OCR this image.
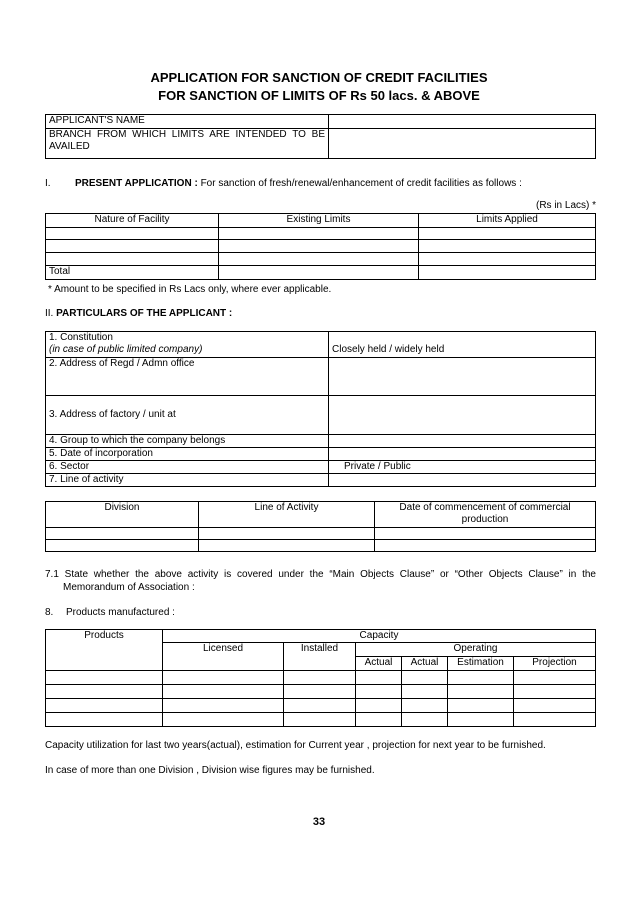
APPLICATION FOR SANCTION OF CREDIT FACILITIES
FOR SANCTION OF LIMITS OF Rs 50 lacs. & ABOVE
APPLICANT'S NAME	
BRANCH FROM WHICH LIMITS ARE INTENDED TO BE AVAILED	
I. PRESENT APPLICATION : For sanction of fresh/renewal/enhancement of credit facilities as follows :
(Rs in Lacs) *
Nature of Facility	Existing Limits	Limits Applied

Total		
* Amount to be specified in Rs Lacs only, where ever applicable.
II. PARTICULARS OF THE APPLICANT :
1. Constitution	
(in case of public limited company)	Closely held / widely held
2. Address of Regd / Admn office	
3. Address of factory / unit at	
4. Group to which the company belongs	
5. Date of incorporation	
6. Sector	Private / Public
7. Line of activity	
Division	Line of Activity	Date of commencement of commercial production

7.1 State whether the above activity is covered under the “Main Objects Clause” or “Other Objects Clause” in the Memorandum of Association :
8. Products manufactured :
Products	Capacity					
	Licensed	Installed	Operating			
			Actual	Actual	Estimation	Projection

Capacity utilization for last two years(actual), estimation for Current year , projection for next year to be furnished.
In case of more than one Division , Division wise figures may be furnished.
33
